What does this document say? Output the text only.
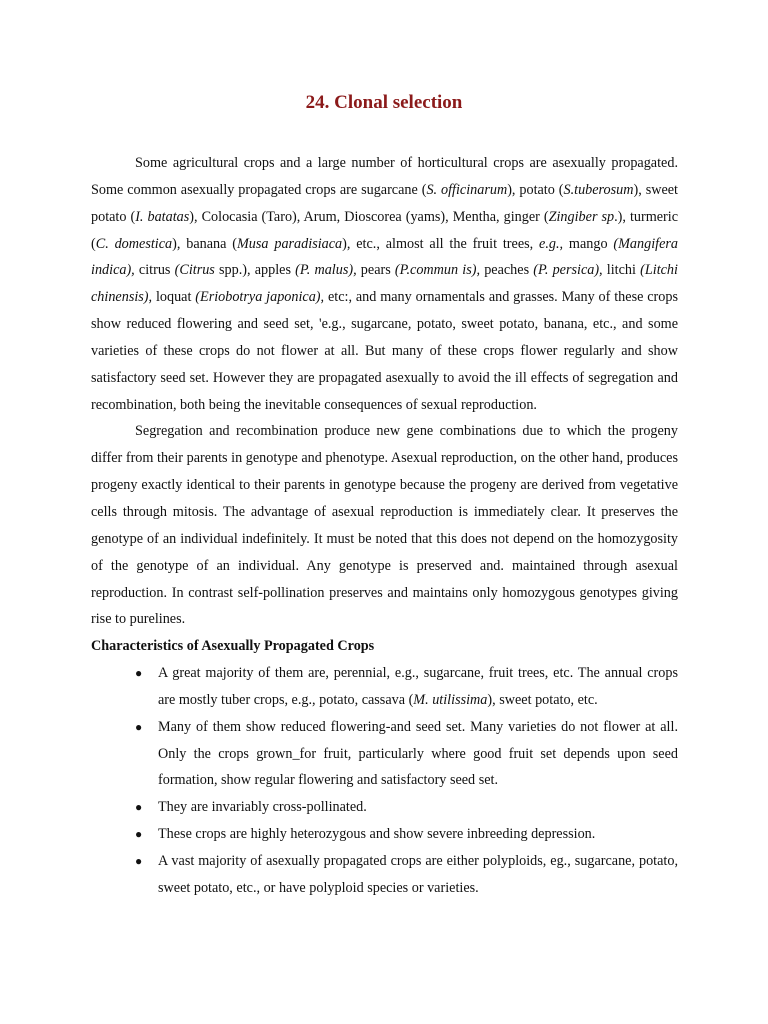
24. Clonal selection

Some agricultural crops and a large number of horticultural crops are asexually propagated. Some common asexually propagated crops are sugarcane (S. officinarum), potato (S.tuberosum), sweet potato (I. batatas), Colocasia (Taro), Arum, Dioscorea (yams), Mentha, ginger (Zingiber sp.), turmeric (C. domestica), banana (Musa paradisiaca), etc., almost all the fruit trees, e.g., mango (Mangifera indica), citrus (Citrus spp.), apples (P. malus), pears (P.commun is), peaches (P. persica), litchi (Litchi chinensis), loquat (Eriobotrya japonica), etc:, and many ornamentals and grasses. Many of these crops show reduced flowering and seed set, 'e.g., sugarcane, potato, sweet potato, banana, etc., and some varieties of these crops do not flower at all. But many of these crops flower regularly and show satisfactory seed set. However they are propagated asexually to avoid the ill effects of segregation and recombination, both being the inevitable consequences of sexual reproduction.

Segregation and recombination produce new gene combinations due to which the progeny differ from their parents in genotype and phenotype. Asexual reproduction, on the other hand, produces progeny exactly identical to their parents in genotype because the progeny are derived from vegetative cells through mitosis. The advantage of asexual reproduction is immediately clear. It preserves the genotype of an individual indefinitely. It must be noted that this does not depend on the homozygosity of the genotype of an individual. Any genotype is preserved and. maintained through asexual reproduction. In contrast self-pollination preserves and maintains only homozygous genotypes giving rise to purelines.

Characteristics of Asexually Propagated Crops
● A great majority of them are, perennial, e.g., sugarcane, fruit trees, etc. The annual crops are mostly tuber crops, e.g., potato, cassava (M. utilissima), sweet potato, etc.
● Many of them show reduced flowering-and seed set. Many varieties do not flower at all. Only the crops grown_for fruit, particularly where good fruit set depends upon seed formation, show regular flowering and satisfactory seed set.
● They are invariably cross-pollinated.
● These crops are highly heterozygous and show severe inbreeding depression.
● A vast majority of asexually propagated crops are either polyploids, eg., sugarcane, potato, sweet potato, etc., or have polyploid species or varieties.
